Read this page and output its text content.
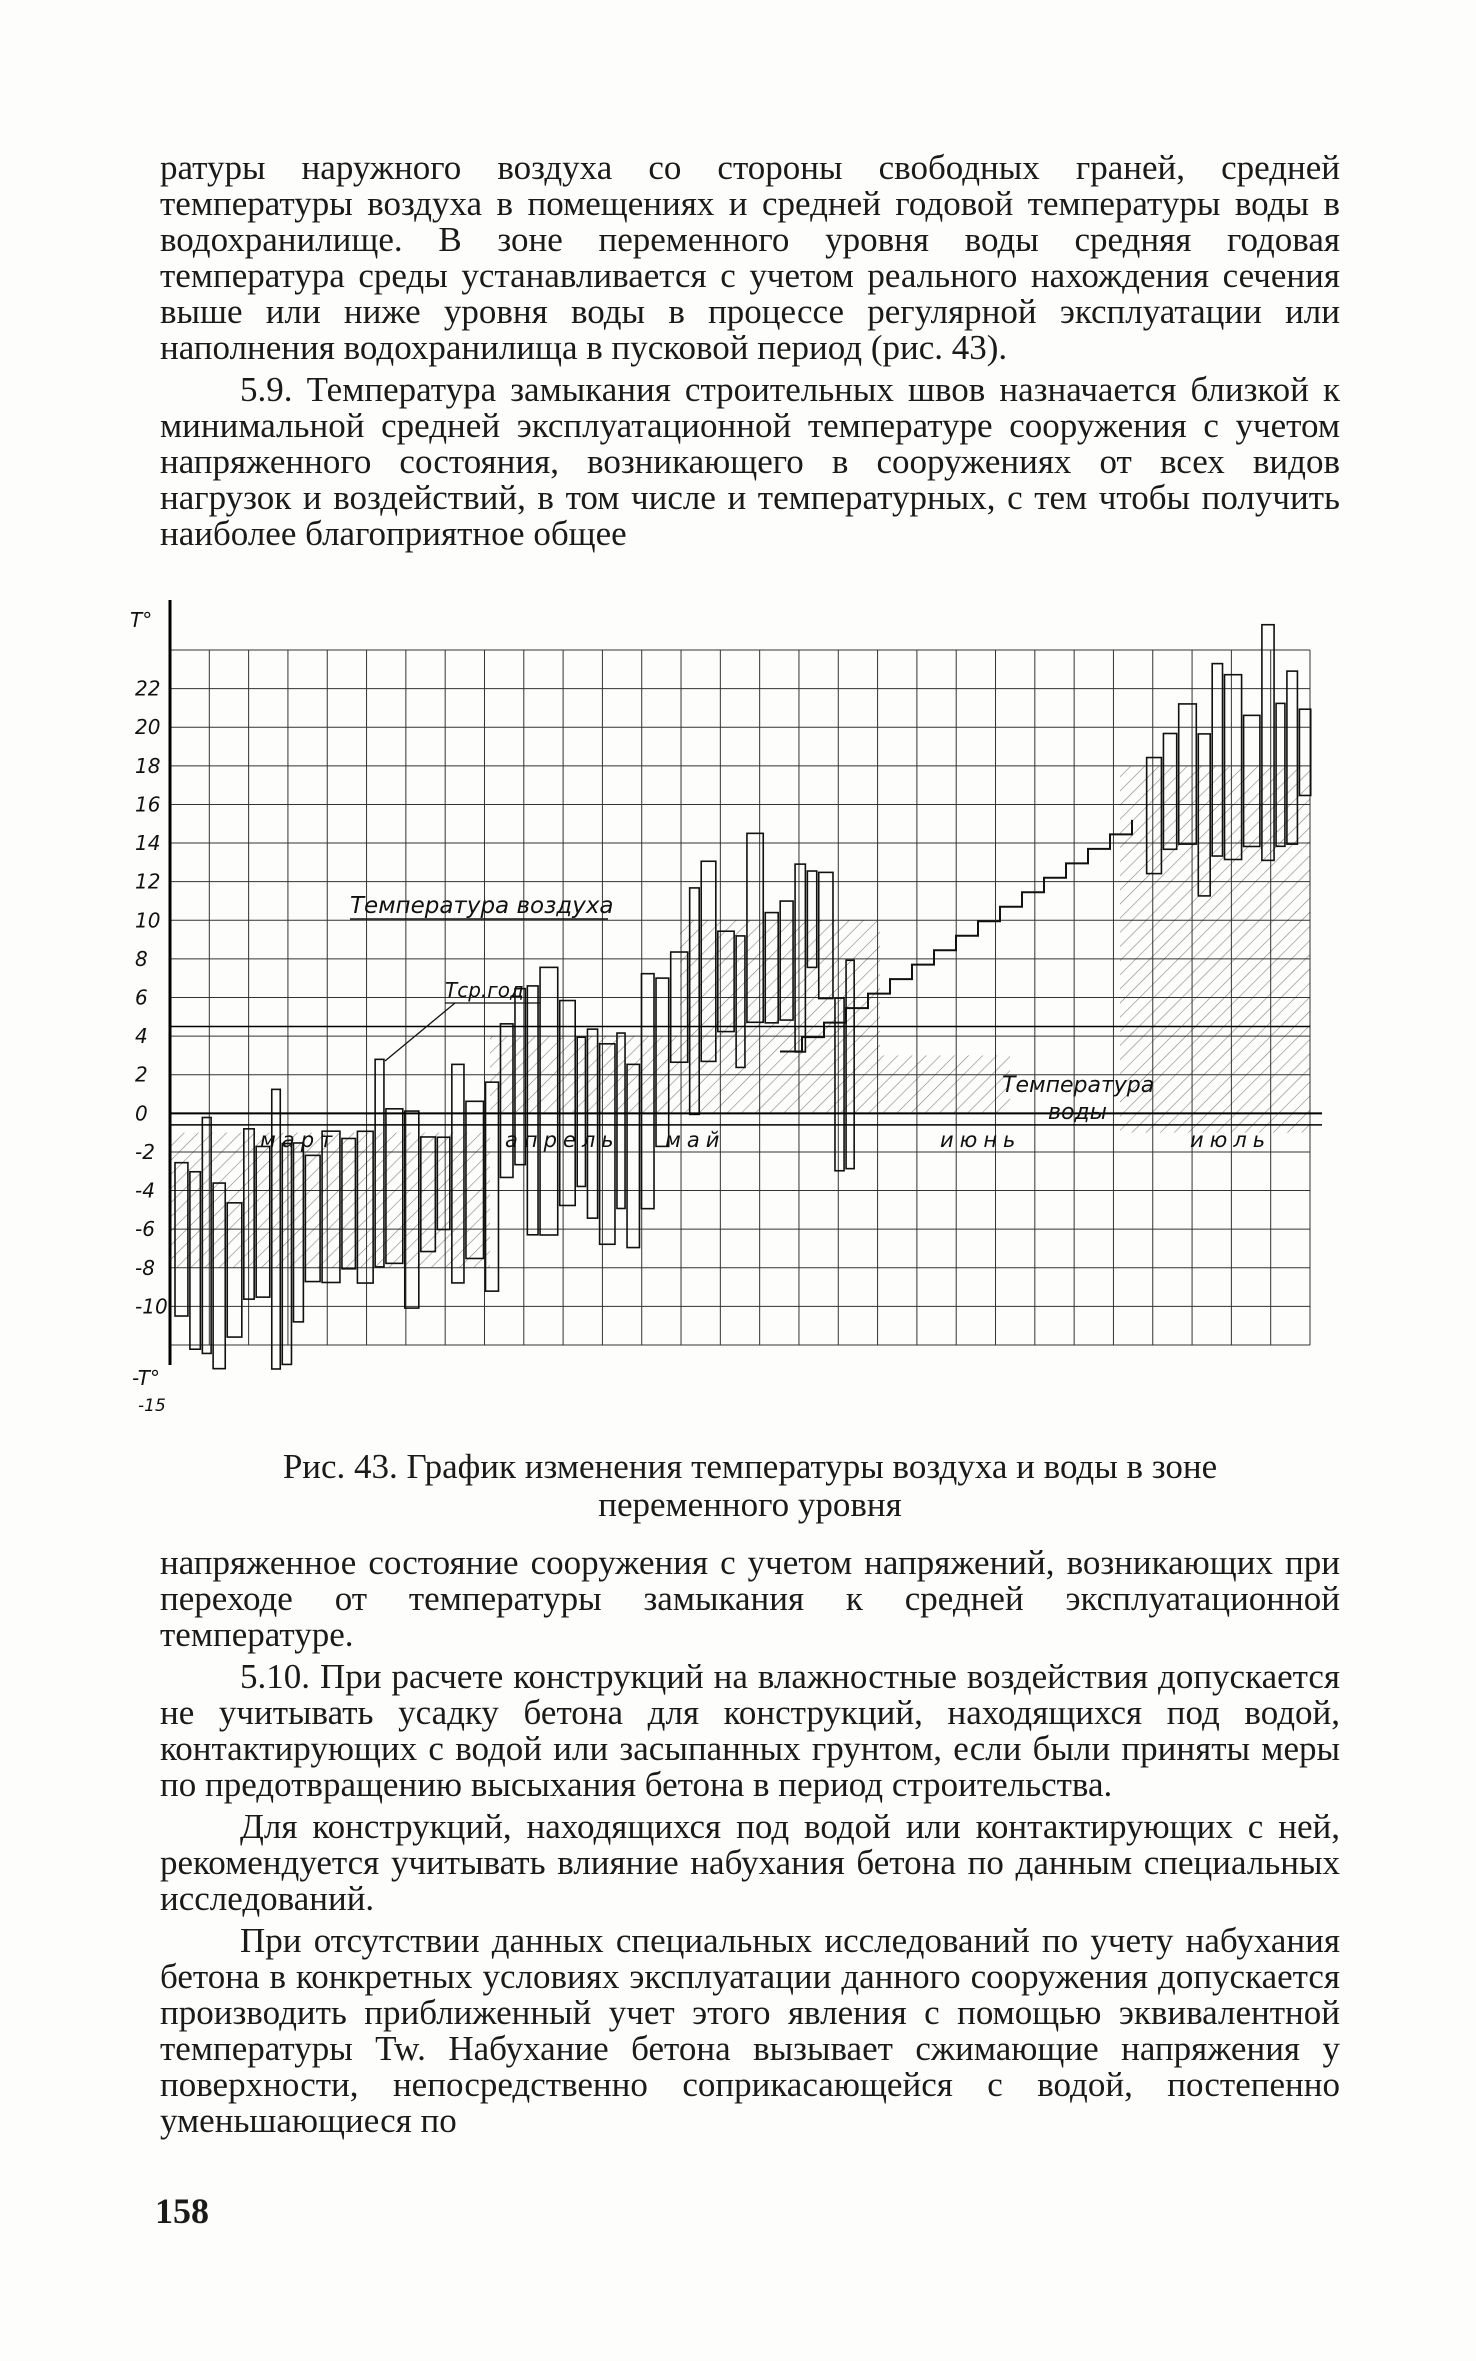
ратуры наружного воздуха со стороны свободных граней, средней температуры воздуха в помещениях и средней годовой температуры воды в водохранилище. В зоне переменного уровня воды средняя годовая температура среды устанавливается с учетом реального нахождения сечения выше или ниже уровня воды в процессе регулярной эксплуатации или наполнения водохранилища в пусковой период (рис. 43).

5.9. Температура замыкания строительных швов назначается близкой к минимальной средней эксплуатационной температуре сооружения с учетом напряженного состояния, возникающего в сооружениях от всех видов нагрузок и воздействий, в том числе и температурных, с тем чтобы получить наиболее благоприятное общее

22
20
18
16
14
12
10
8
6
4
2
0
-2
-4
-6
-8
-10
T°
-T°
-15
Температура воздуха
Тср.год
Температура
воды
март	апрель май	июнь	июль
Рис. 43. График изменения температуры воздуха и воды в зоне
переменного уровня

напряженное состояние сооружения с учетом напряжений, возникающих при переходе от температуры замыкания к средней эксплуатационной температуре.

5.10. При расчете конструкций на влажностные воздействия допускается не учитывать усадку бетона для конструкций, находящихся под водой, контактирующих с водой или засыпанных грунтом, если были приняты меры по предотвращению высыхания бетона в период строительства.

Для конструкций, находящихся под водой или контактирующих с ней, рекомендуется учитывать влияние набухания бетона по данным специальных исследований.

При отсутствии данных специальных исследований по учету набухания бетона в конкретных условиях эксплуатации данного сооружения допускается производить приближенный учет этого явления с помощью эквивалентной температуры Tw. Набухание бетона вызывает сжимающие напряжения у поверхности, непосредственно соприкасающейся с водой, постепенно уменьшающиеся по

158
